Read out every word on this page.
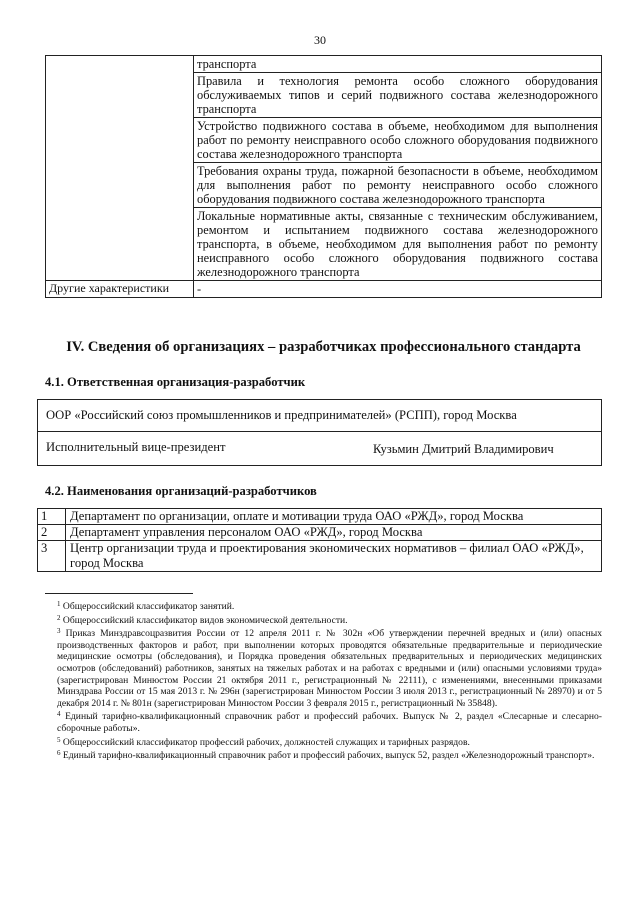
30
	транспорта
	Правила и технология ремонта особо сложного оборудования обслуживаемых типов и серий подвижного состава железнодорожного транспорта
	Устройство подвижного состава в объеме, необходимом для выполнения работ по ремонту неисправного особо сложного оборудования подвижного состава железнодорожного транспорта
	Требования охраны труда, пожарной безопасности в объеме, необходимом для выполнения работ по ремонту неисправного особо сложного оборудования подвижного состава железнодорожного транспорта
	Локальные нормативные акты, связанные с техническим обслуживанием, ремонтом и испытанием подвижного состава железнодорожного транспорта, в объеме, необходимом для выполнения работ по ремонту неисправного особо сложного оборудования подвижного состава железнодорожного транспорта
Другие характеристики	-
IV. Сведения об организациях – разработчиках профессионального стандарта
4.1. Ответственная организация-разработчик
ООР «Российский союз промышленников и предпринимателей» (РСПП), город Москва
Исполнительный вице-президент	Кузьмин Дмитрий Владимирович
4.2. Наименования организаций-разработчиков
1	Департамент по организации, оплате и мотивации труда ОАО «РЖД», город Москва
2	Департамент управления персоналом ОАО «РЖД», город Москва
3	Центр организации труда и проектирования экономических нормативов – филиал ОАО «РЖД», город Москва

$^1$ Общероссийский классификатор занятий.

$^2$ Общероссийский классификатор видов экономической деятельности.

$^3$ Приказ Минздравсоцразвития России от 12 апреля 2011 г. № 302н «Об утверждении перечней вредных и (или) опасных производственных факторов и работ, при выполнении которых проводятся обязательные предварительные и периодические медицинские осмотры (обследования), и Порядка проведения обязательных предварительных и периодических медицинских осмотров (обследований) работников, занятых на тяжелых работах и на работах с вредными и (или) опасными условиями труда» (зарегистрирован Минюстом России 21 октября 2011 г., регистрационный № 22111), с изменениями, внесенными приказами Минздрава России от 15 мая 2013 г. № 296н (зарегистрирован Минюстом России 3 июля 2013 г., регистрационный № 28970) и от 5 декабря 2014 г. № 801н (зарегистрирован Минюстом России 3 февраля 2015 г., регистрационный № 35848).

$^4$ Единый тарифно-квалификационный справочник работ и профессий рабочих. Выпуск № 2, раздел «Слесарные и слесарно-сборочные работы».

$^5$ Общероссийский классификатор профессий рабочих, должностей служащих и тарифных разрядов.

$^6$ Единый тарифно-квалификационный справочник работ и профессий рабочих, выпуск 52, раздел «Железнодорожный транспорт».
